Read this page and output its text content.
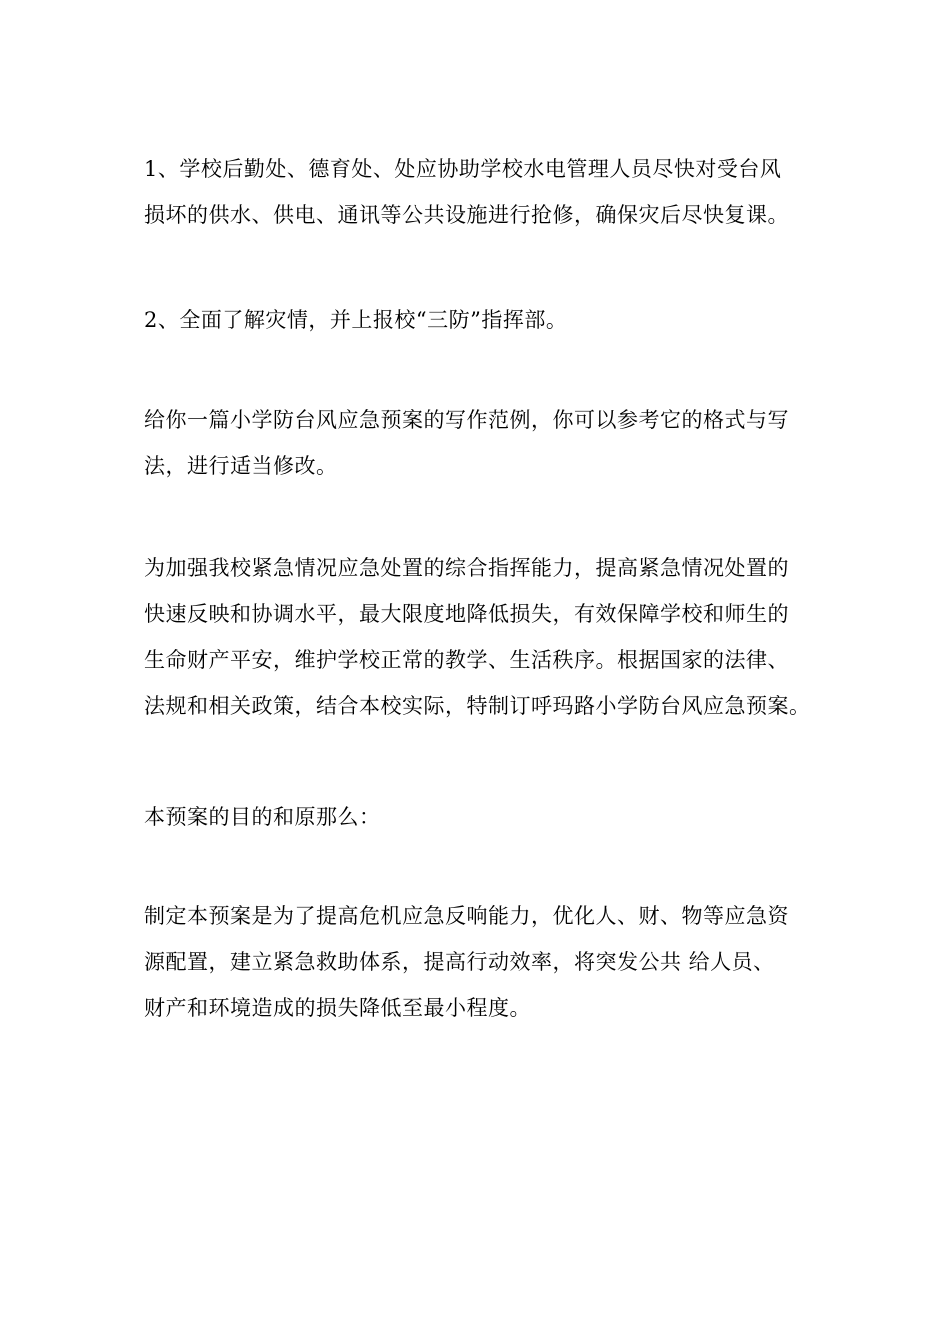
1、学校后勤处、德育处、处应协助学校水电管理人员尽快对受台风
损坏的供水、供电、通讯等公共设施进行抢修，确保灾后尽快复课。
2、全面了解灾情，并上报校“三防”指挥部。
给你一篇小学防台风应急预案的写作范例，你可以参考它的格式与写
法，进行适当修改。
为加强我校紧急情况应急处置的综合指挥能力，提高紧急情况处置的
快速反映和协调水平，最大限度地降低损失，有效保障学校和师生的
生命财产平安，维护学校正常的教学、生活秩序。根据国家的法律、
法规和相关政策，结合本校实际，特制订呼玛路小学防台风应急预案。
本预案的目的和原那么：
制定本预案是为了提高危机应急反响能力，优化人、财、物等应急资
源配置，建立紧急救助体系，提高行动效率，将突发公共 给人员、
财产和环境造成的损失降低至最小程度。
